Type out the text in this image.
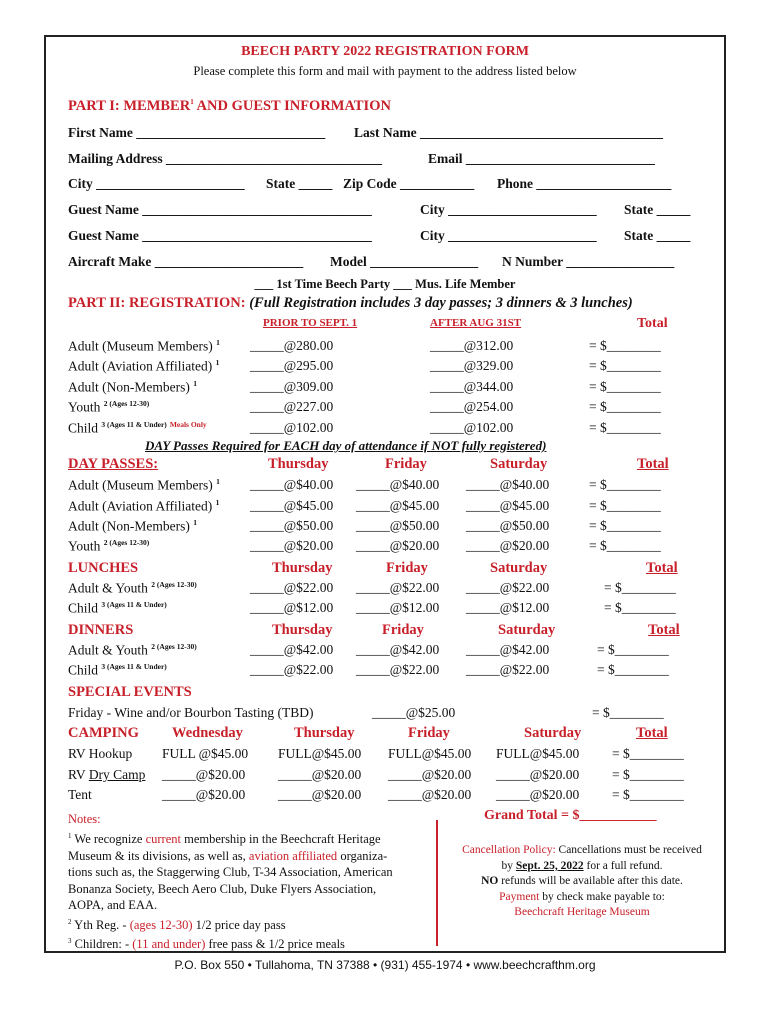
BEECH PARTY 2022 REGISTRATION FORM
Please complete this form and mail with payment to the address listed below
PART I: MEMBER$^1$ AND GUEST INFORMATION
First Name ____________________________ Last Name ____________________________________
Mailing Address ________________________________	Email ____________________________
City ______________________ State _____ Zip Code ___________ Phone ____________________
Guest Name __________________________________	City ______________________ State _____
Guest Name __________________________________	City ______________________ State _____
Aircraft Make ______________________ Model ________________ N Number ________________
___ 1st Time Beech Party ___ Mus. Life Member
PART II: REGISTRATION: (Full Registration includes 3 day passes; 3 dinners & 3 lunches)
PRIOR TO SEPT. 1	AFTER AUG 31ST	Total
Adult (Museum Members) $^1$ _____@280.00	_____@312.00	= $________
Adult (Aviation Affiliated) $^1$ _____@295.00	_____@329.00	= $________
Adult (Non-Members) $^1$	_____@309.00	_____@344.00	= $________
Youth $^{2 (Ages 12-30)}$	_____@227.00	_____@254.00	= $________
Child $^{3 (Ages 11 \& Under)}$ $^{Meals Only}$	_____@102.00	_____@102.00	= $________
DAY Passes Required for EACH day of attendance if NOT fully registered)
DAY PASSES:	Thursday	Friday	Saturday	Total
Adult (Museum Members) $^1$ _____@$40.00 _____@$40.00 _____@$40.00	= $________
Adult (Aviation Affiliated) $^1$ _____@$45.00 _____@$45.00 _____@$45.00	= $________
Adult (Non-Members) $^1$	_____@$50.00 _____@$50.00 _____@$50.00	= $________
Youth $^{2 (Ages 12-30)}$	_____@$20.00 _____@$20.00 _____@$20.00	= $________
LUNCHES	Thursday	Friday	Saturday	Total
Adult & Youth $^{2 (Ages 12-30)}$	_____@$22.00 _____@$22.00 _____@$22.00	= $________
Child $^{3 (Ages 11 \& Under)}$	_____@$12.00 _____@$12.00 _____@$12.00	= $________
DINNERS	Thursday	Friday	Saturday	Total
Adult & Youth $^{2 (Ages 12-30)}$	_____@$42.00 _____@$42.00 _____@$42.00	= $________
Child $^{3 (Ages 11 \& Under)}$	_____@$22.00 _____@$22.00 _____@$22.00	= $________
SPECIAL EVENTS
Friday - Wine and/or Bourbon Tasting (TBD)	_____@$25.00	= $________
CAMPING Wednesday	Thursday	Friday	Saturday	Total
RV Hookup FULL @$45.00 FULL@$45.00 FULL@$45.00 FULL@$45.00 = $________
RV Dry Camp _____@$20.00 _____@$20.00 _____@$20.00 _____@$20.00 = $________
Tent	_____@$20.00 _____@$20.00 _____@$20.00 _____@$20.00 = $________
Grand Total = $___________
Notes:
$^1$ We recognize current membership in the Beechcraft Heritage
Museum & its divisions, as well as, aviation affiliated organiza-
tions such as, the Staggerwing Club, T-34 Association, American
Bonanza Society, Beech Aero Club, Duke Flyers Association,
AOPA, and EAA.
$^2$ Yth Reg. - (ages 12-30) 1/2 price day pass
$^3$ Children: - (11 and under) free pass & 1/2 price meals
Cancellation Policy: Cancellations must be received
by Sept. 25, 2022 for a full refund.
NO refunds will be available after this date.
Payment by check make payable to:
Beechcraft Heritage Museum
P.O. Box 550 • Tullahoma, TN 37388 • (931) 455-1974 • www.beechcrafthm.org
